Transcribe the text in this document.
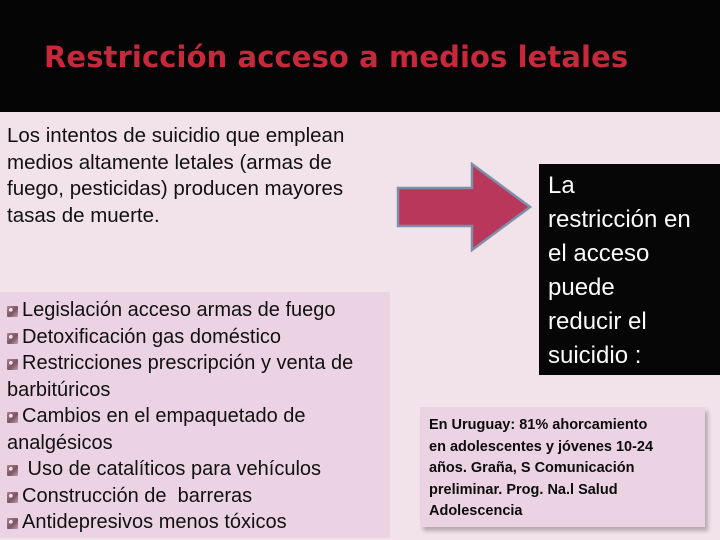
Restricción acceso a medios letales
Los intentos de suicidio que emplean medios altamente letales (armas de fuego, pesticidas) producen mayores tasas de muerte.
Legislación acceso armas de fuego
Detoxificación gas doméstico
Restricciones prescripción y venta de barbitúricos
Cambios en el empaquetado de analgésicos
Uso de catalíticos para vehículos
Construcción de  barreras
Antidepresivos menos tóxicos
La
restricción en
el acceso
puede
reducir el
suicidio :
En Uruguay: 81% ahorcamiento
en adolescentes y jóvenes 10-24
años. Graña, S Comunicación
preliminar. Prog. Na.l Salud
Adolescencia
